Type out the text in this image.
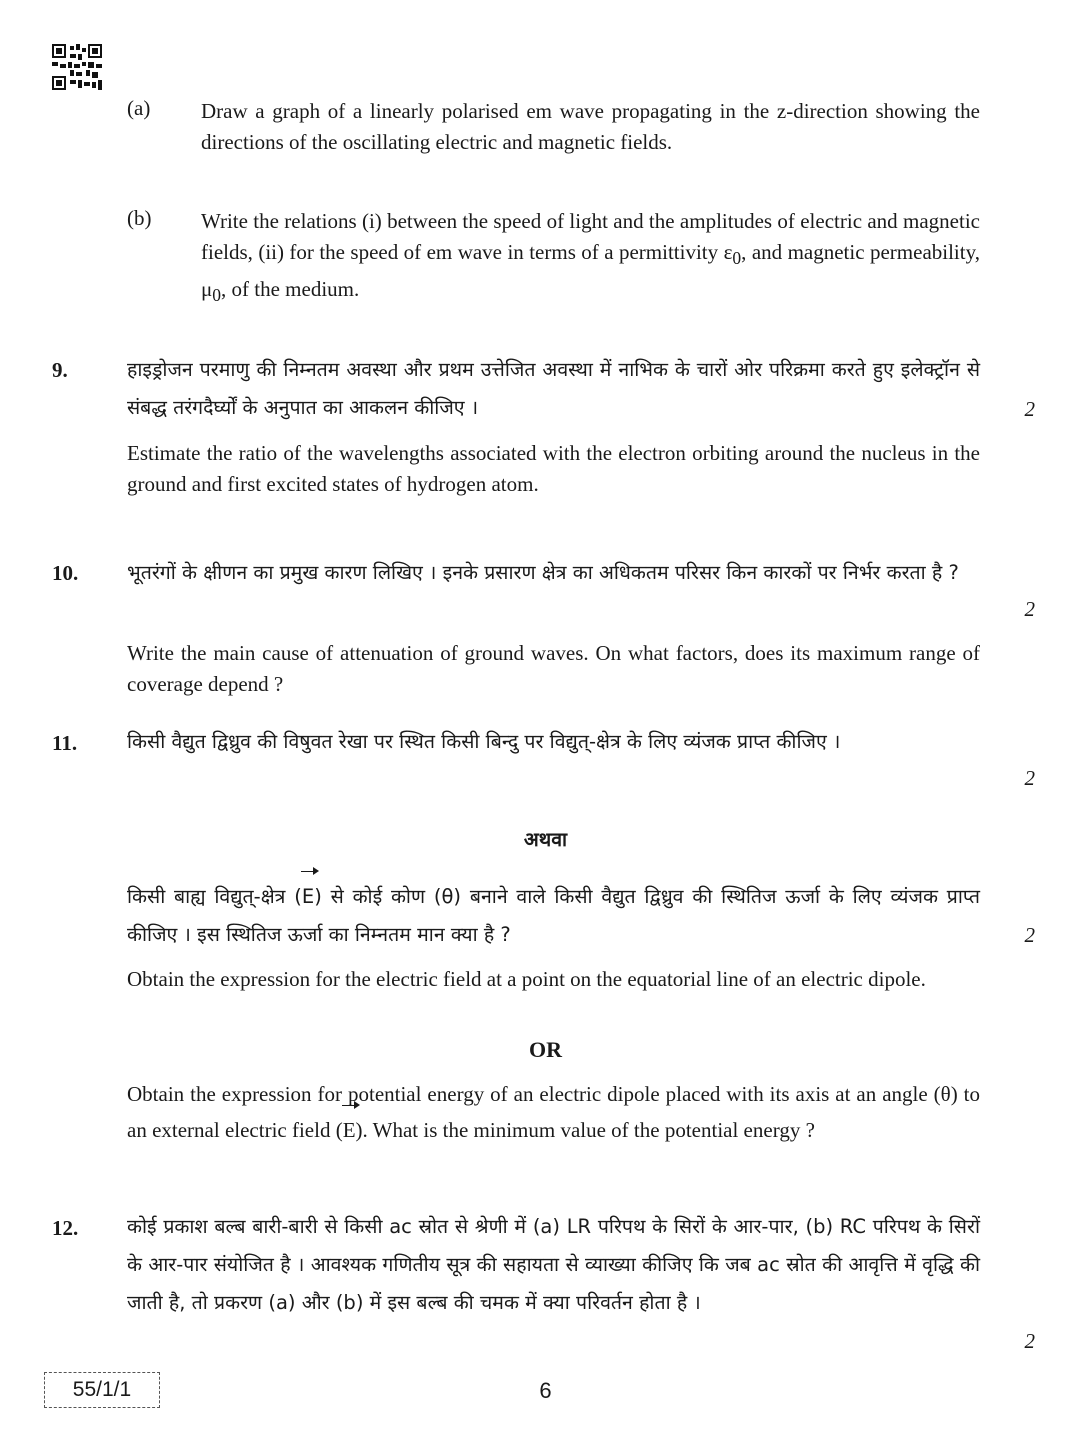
(a) Draw a graph of a linearly polarised em wave propagating in the z-direction showing the directions of the oscillating electric and magnetic fields.
(b) Write the relations (i) between the speed of light and the amplitudes of electric and magnetic fields, (ii) for the speed of em wave in terms of a permittivity $\varepsilon_0$, and magnetic permeability, $\mu_0$, of the medium.
9.	हाइड्रोजन परमाणु की निम्नतम अवस्था और प्रथम उत्तेजित अवस्था में नाभिक के चारों ओर परिक्रमा करते हुए इलेक्ट्रॉन से संबद्ध तरंगदैर्घ्यों के अनुपात का आकलन कीजिए ।	2
Estimate the ratio of the wavelengths associated with the electron orbiting around the nucleus in the ground and first excited states of hydrogen atom.
10.	भूतरंगों के क्षीणन का प्रमुख कारण लिखिए । इनके प्रसारण क्षेत्र का अधिकतम परिसर किन कारकों पर निर्भर करता है ?
2
Write the main cause of attenuation of ground waves. On what factors, does its maximum range of coverage depend ?
11.	किसी वैद्युत द्विध्रुव की विषुवत रेखा पर स्थित किसी बिन्दु पर विद्युत्-क्षेत्र के लिए व्यंजक प्राप्त कीजिए ।
2
अथवा
किसी बाह्य विद्युत्-क्षेत्र (E) से कोई कोण (θ) बनाने वाले किसी वैद्युत द्विध्रुव की स्थितिज ऊर्जा के लिए व्यंजक प्राप्त कीजिए । इस स्थितिज ऊर्जा का निम्नतम मान क्या है ?	2
Obtain the expression for the electric field at a point on the equatorial line of an electric dipole.
OR
Obtain the expression for potential energy of an electric dipole placed with its axis at an angle (θ) to an external electric field (E). What is the minimum value of the potential energy ?
12.	कोई प्रकाश बल्ब बारी-बारी से किसी ac स्रोत से श्रेणी में (a) LR परिपथ के सिरों के आर-पार, (b) RC परिपथ के सिरों के आर-पार संयोजित है । आवश्यक गणितीय सूत्र की सहायता से व्याख्या कीजिए कि जब ac स्रोत की आवृत्ति में वृद्धि की जाती है, तो प्रकरण (a) और (b) में इस बल्ब की चमक में क्या परिवर्तन होता है ।
2
55/1/1	6
